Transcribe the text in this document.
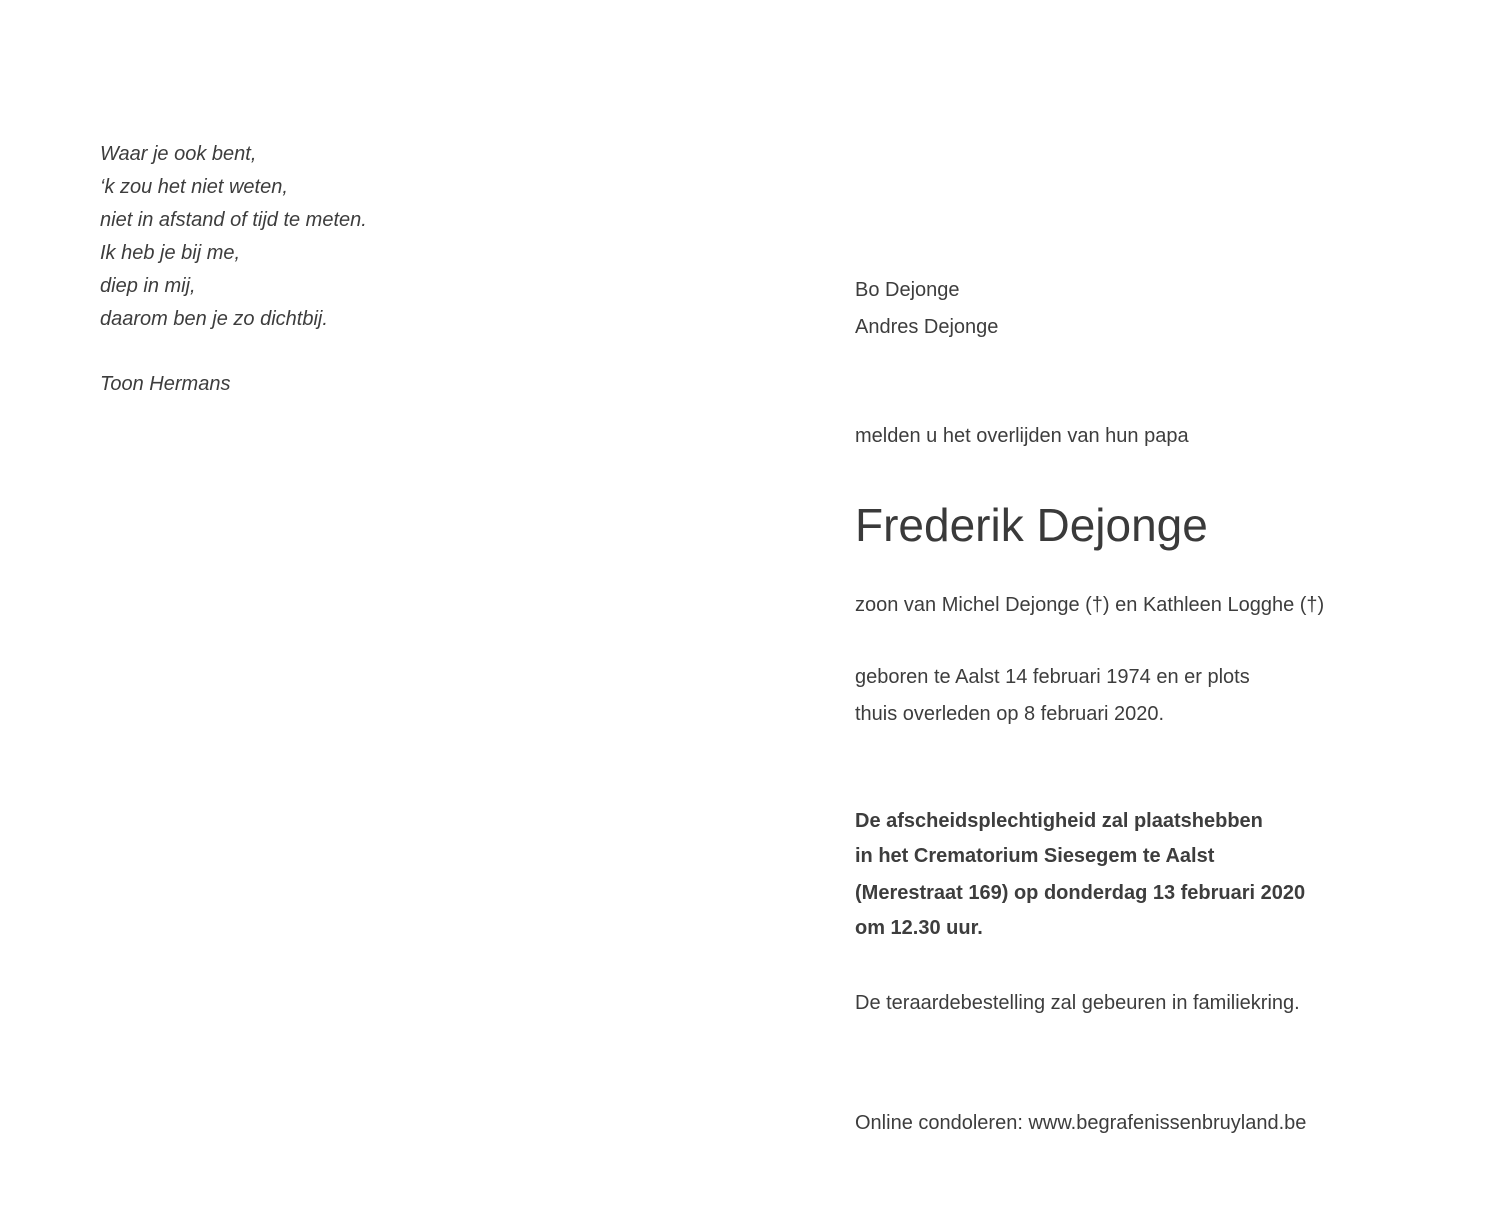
Waar je ook bent,
‘k zou het niet weten,
niet in afstand of tijd te meten.
Ik heb je bij me,
diep in mij,
daarom ben je zo dichtbij.
Toon Hermans
Bo Dejonge
Andres Dejonge
melden u het overlijden van hun papa
Frederik Dejonge
zoon van Michel Dejonge (†) en Kathleen Logghe (†)
geboren te Aalst 14 februari 1974 en er plots
thuis overleden op 8 februari 2020.
De afscheidsplechtigheid zal plaatshebben
in het Crematorium Siesegem te Aalst
(Merestraat 169) op donderdag 13 februari 2020
om 12.30 uur.
De teraardebestelling zal gebeuren in familiekring.
Online condoleren: www.begrafenissenbruyland.be
